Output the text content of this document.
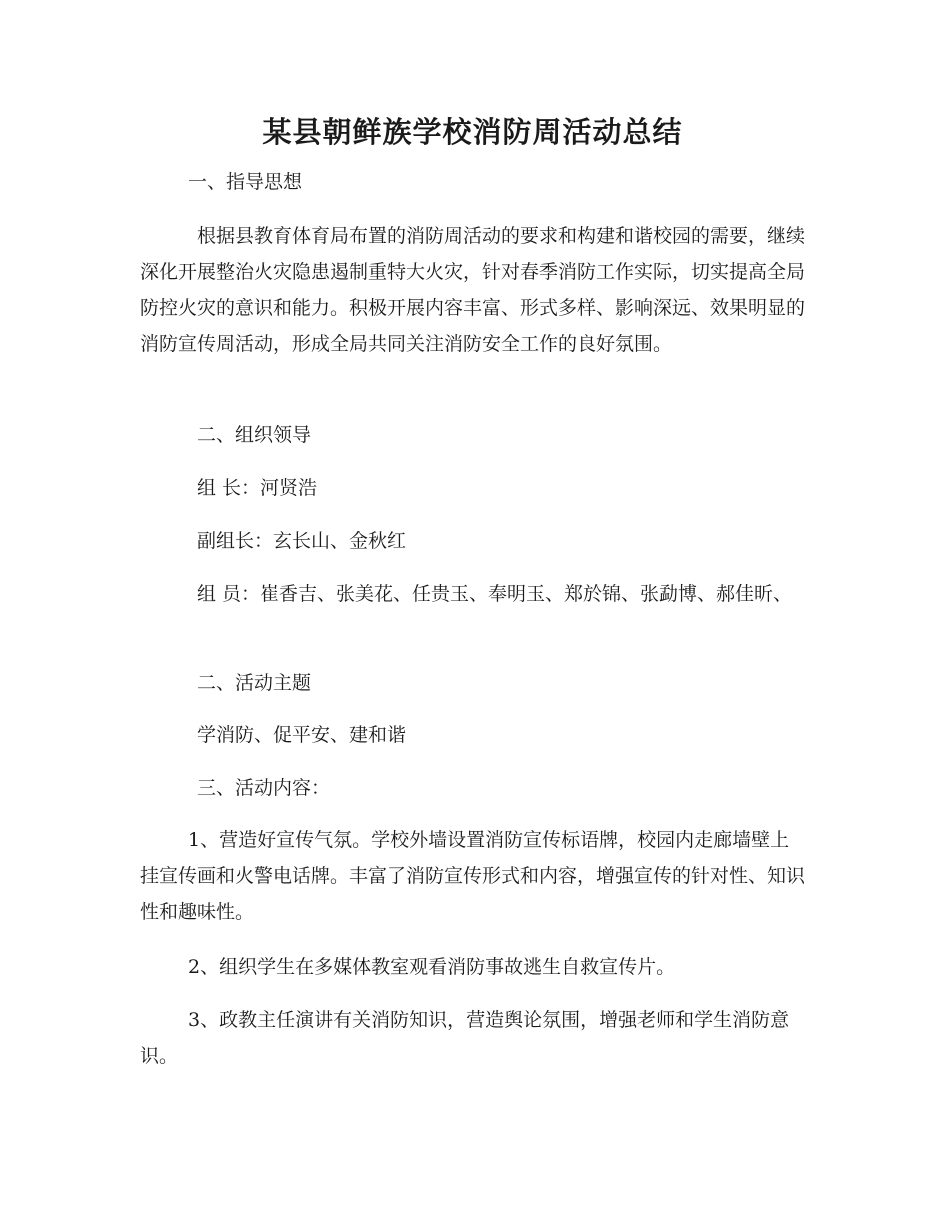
某县朝鲜族学校消防周活动总结

一、指导思想

根据县教育体育局布置的消防周活动的要求和构建和谐校园的需要，继续深化开展整治火灾隐患遏制重特大火灾，针对春季消防工作实际，切实提高全局防控火灾的意识和能力。积极开展内容丰富、形式多样、影响深远、效果明显的消防宣传周活动，形成全局共同关注消防安全工作的良好氛围。

二、组织领导

组 长：河贤浩

副组长：玄长山、金秋红

组 员：崔香吉、张美花、任贵玉、奉明玉、郑於锦、张勐博、郝佳昕、

二、活动主题

学消防、促平安、建和谐

三、活动内容：

1、营造好宣传气氛。学校外墙设置消防宣传标语牌，校园内走廊墙壁上挂宣传画和火警电话牌。丰富了消防宣传形式和内容，增强宣传的针对性、知识性和趣味性。

2、组织学生在多媒体教室观看消防事故逃生自救宣传片。

3、政教主任演讲有关消防知识，营造舆论氛围，增强老师和学生消防意识。
